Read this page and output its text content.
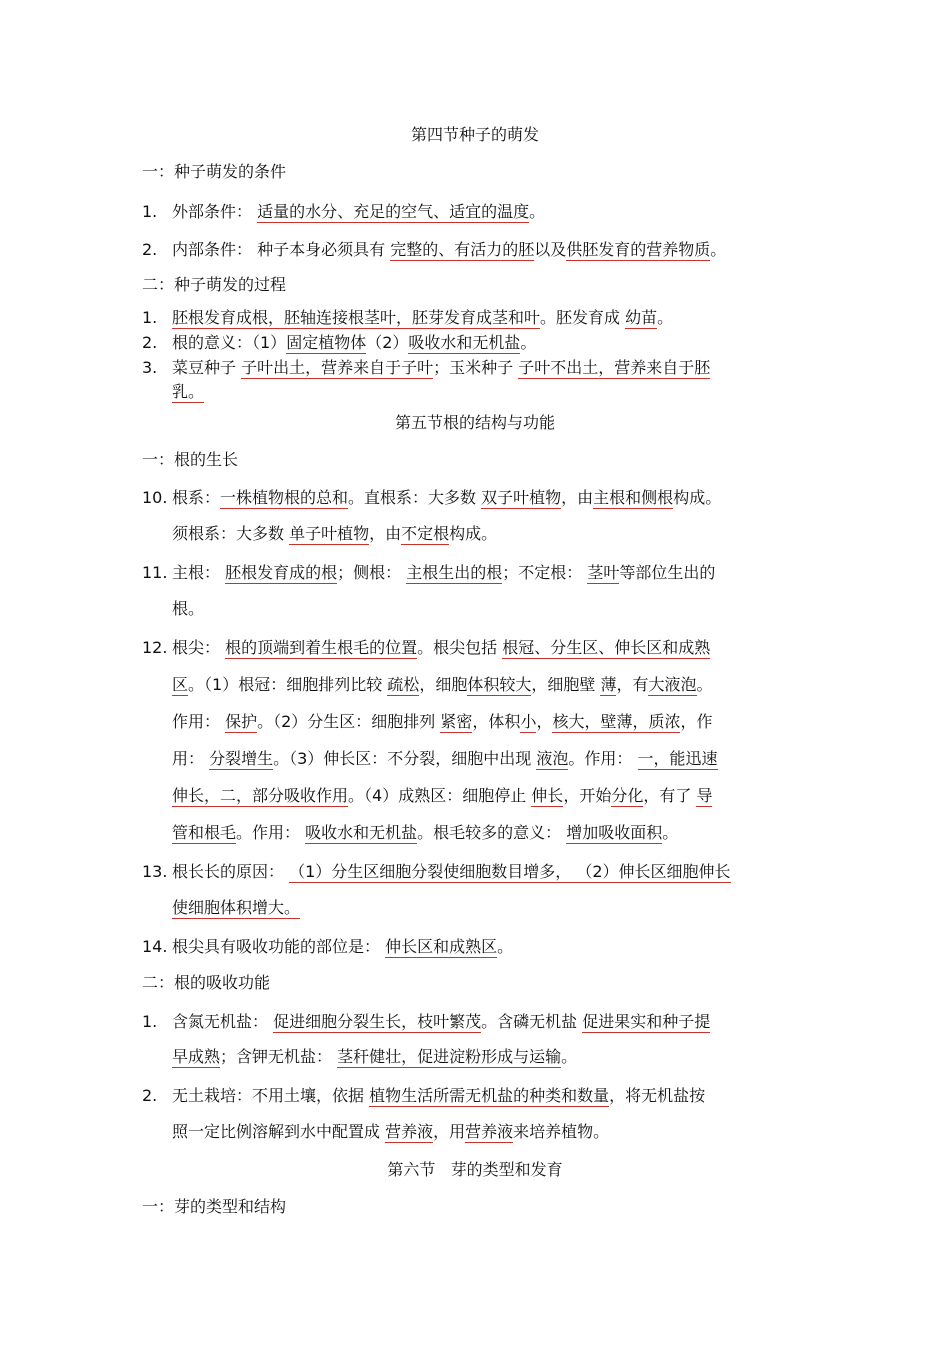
第四节种子的萌发
一：种子萌发的条件
1. 外部条件： 适量的水分、充足的空气、适宜的温度。
2. 内部条件： 种子本身必须具有 完整的、有活力的胚以及供胚发育的营养物质。
二：种子萌发的过程
1. 胚根发育成根，胚轴连接根茎叶，胚芽发育成茎和叶。胚发育成 幼苗。
2. 根的意义：（1）固定植物体（2）吸收水和无机盐。
3. 菜豆种子 子叶出土，营养来自于子叶；玉米种子 子叶不出土，营养来自于胚
乳。
第五节根的结构与功能
一：根的生长
10. 根系：一株植物根的总和。直根系：大多数 双子叶植物，由主根和侧根构成。
须根系：大多数 单子叶植物，由不定根构成。
11. 主根： 胚根发育成的根；侧根： 主根生出的根；不定根： 茎叶等部位生出的
根。
12. 根尖： 根的顶端到着生根毛的位置。根尖包括 根冠、分生区、伸长区和成熟
区。（1）根冠：细胞排列比较 疏松，细胞体积较大，细胞壁 薄，有大液泡。
作用： 保护。（2）分生区：细胞排列 紧密，体积小，核大，壁薄，质浓，作
用： 分裂增生。（3）伸长区：不分裂，细胞中出现 液泡。作用： 一，能迅速
伸长，二，部分吸收作用。（4）成熟区：细胞停止 伸长，开始分化，有了 导
管和根毛。作用： 吸收水和无机盐。根毛较多的意义： 增加吸收面积。
13. 根长长的原因： （1）分生区细胞分裂使细胞数目增多， （2）伸长区细胞伸长
使细胞体积增大。
14. 根尖具有吸收功能的部位是： 伸长区和成熟区。
二：根的吸收功能
1. 含氮无机盐： 促进细胞分裂生长，枝叶繁茂。含磷无机盐 促进果实和种子提
早成熟；含钾无机盐： 茎秆健壮，促进淀粉形成与运输。
2. 无土栽培：不用土壤，依据 植物生活所需无机盐的种类和数量，将无机盐按
照一定比例溶解到水中配置成 营养液，用营养液来培养植物。
第六节   芽的类型和发育
一：芽的类型和结构
